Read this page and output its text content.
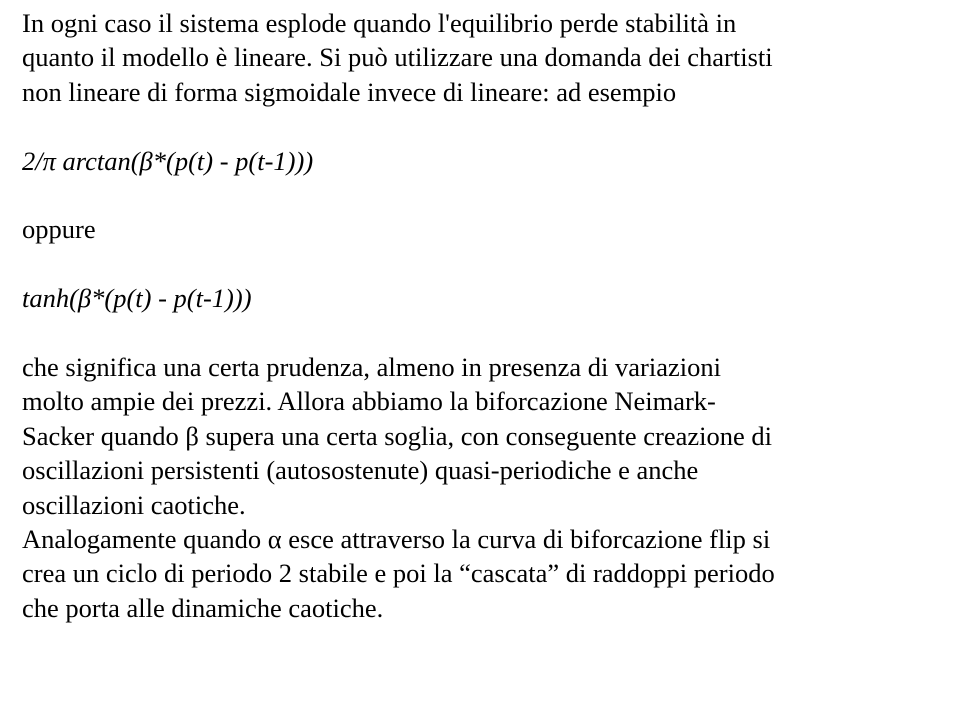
In ogni caso il sistema esplode quando l'equilibrio perde stabilità in
quanto il modello è lineare. Si può utilizzare una domanda dei chartisti
non lineare di forma sigmoidale invece di lineare: ad esempio
2/π arctan(β*(p(t) - p(t-1)))
oppure
tanh(β*(p(t) - p(t-1)))
che significa una certa prudenza, almeno in presenza di variazioni
molto ampie dei prezzi. Allora abbiamo la biforcazione Neimark-
Sacker quando β supera una certa soglia, con conseguente creazione di
oscillazioni persistenti (autosostenute) quasi-periodiche e anche
oscillazioni caotiche.
Analogamente quando α esce attraverso la curva di biforcazione flip si
crea un ciclo di periodo 2 stabile e poi la “cascata” di raddoppi periodo
che porta alle dinamiche caotiche.
